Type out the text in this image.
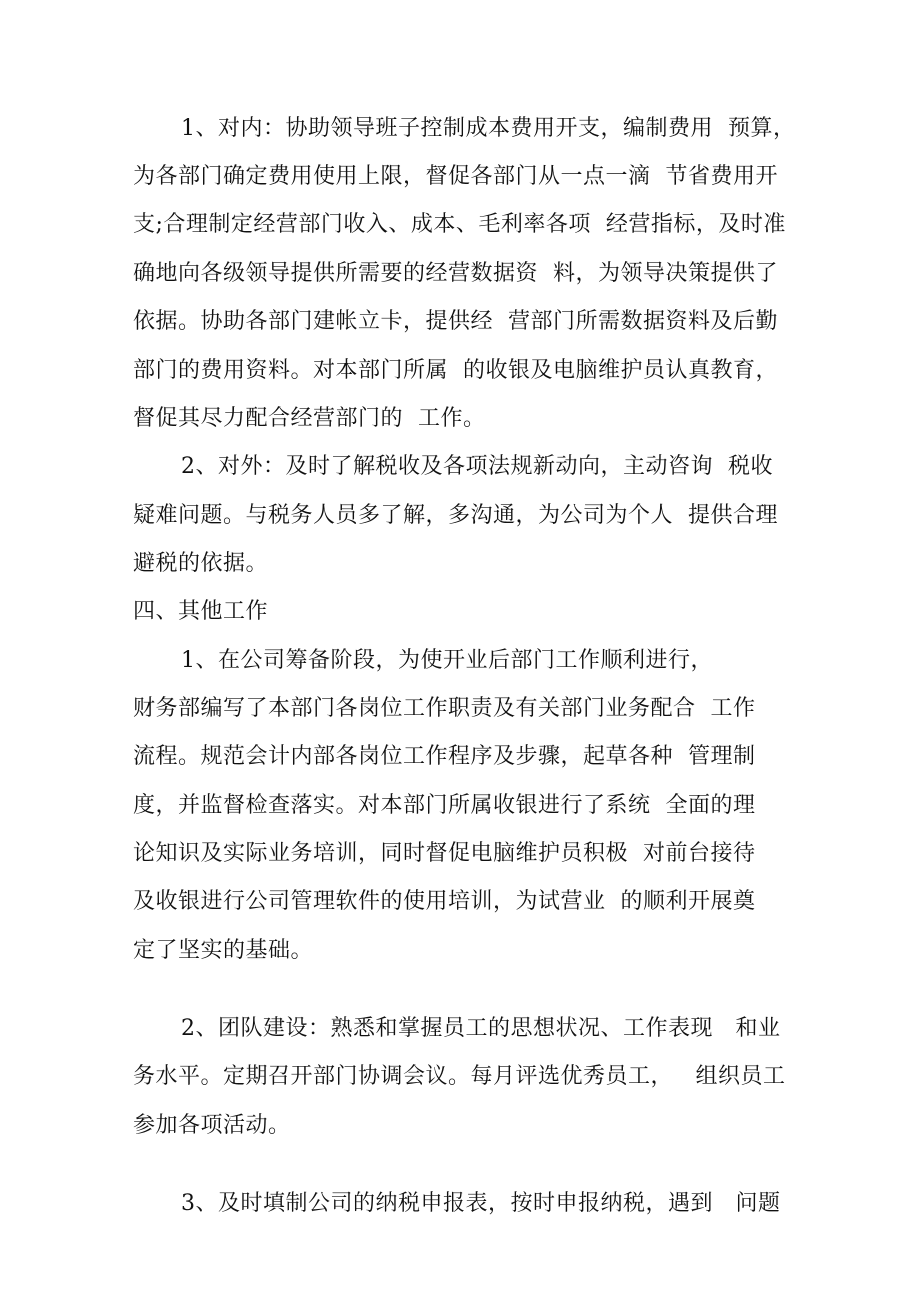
1、对内：协助领导班子控制成本费用开支，编制费用  预算，
为各部门确定费用使用上限，督促各部门从一点一滴  节省费用开
支;合理制定经营部门收入、成本、毛利率各项  经营指标，及时准
确地向各级领导提供所需要的经营数据资  料，为领导决策提供了
依据。协助各部门建帐立卡，提供经  营部门所需数据资料及后勤
部门的费用资料。对本部门所属  的收银及电脑维护员认真教育，
督促其尽力配合经营部门的  工作。
2、对外：及时了解税收及各项法规新动向，主动咨询  税收
疑难问题。与税务人员多了解，多沟通，为公司为个人  提供合理
避税的依据。
四、其他工作
1、在公司筹备阶段，为使开业后部门工作顺利进行，
财务部编写了本部门各岗位工作职责及有关部门业务配合  工作
流程。规范会计内部各岗位工作程序及步骤，起草各种  管理制
度，并监督检查落实。对本部门所属收银进行了系统  全面的理
论知识及实际业务培训，同时督促电脑维护员积极  对前台接待
及收银进行公司管理软件的使用培训，为试营业  的顺利开展奠
定了坚实的基础。
2、团队建设：熟悉和掌握员工的思想状况、工作表现   和业
务水平。定期召开部门协调会议。每月评选优秀员工，   组织员工
参加各项活动。
3、及时填制公司的纳税申报表，按时申报纳税，遇到   问题
